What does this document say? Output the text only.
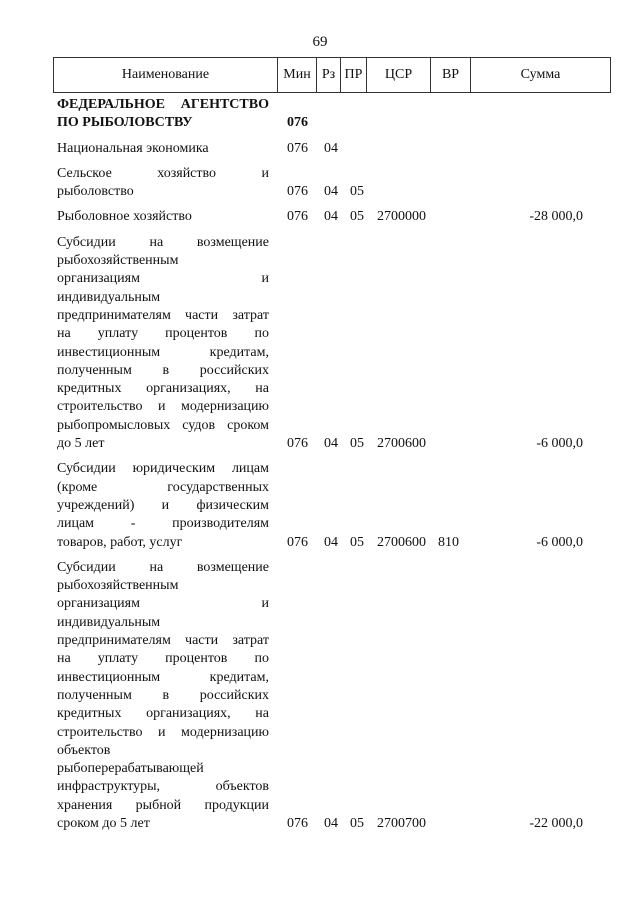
69
Наименование	Мин	Рз	ПР	ЦСР	ВР	Сумма
ФЕДЕРАЛЬНОЕ АГЕНТСТВО
ПО РЫБОЛОВСТВУ	076
Национальная экономика	076 04
Сельское хозяйство и
рыболовство	076 04 05
Рыболовное хозяйство	076 04 05 2700000	-28 000,0
Субсидии на возмещение
рыбохозяйственным
организациям и
индивидуальным
предпринимателям части затрат
на уплату процентов по
инвестиционным кредитам,
полученным в российских
кредитных организациях, на
строительство и модернизацию
рыбопромысловых судов сроком
до 5 лет	076 04 05 2700600	-6 000,0
Субсидии юридическим лицам
(кроме государственных
учреждений) и физическим
лицам - производителям
товаров, работ, услуг	076 04 05 2700600 810	-6 000,0
Субсидии на возмещение
рыбохозяйственным
организациям и
индивидуальным
предпринимателям части затрат
на уплату процентов по
инвестиционным кредитам,
полученным в российских
кредитных организациях, на
строительство и модернизацию
объектов
рыбоперерабатывающей
инфраструктуры, объектов
хранения рыбной продукции
сроком до 5 лет	076 04 05 2700700	-22 000,0
